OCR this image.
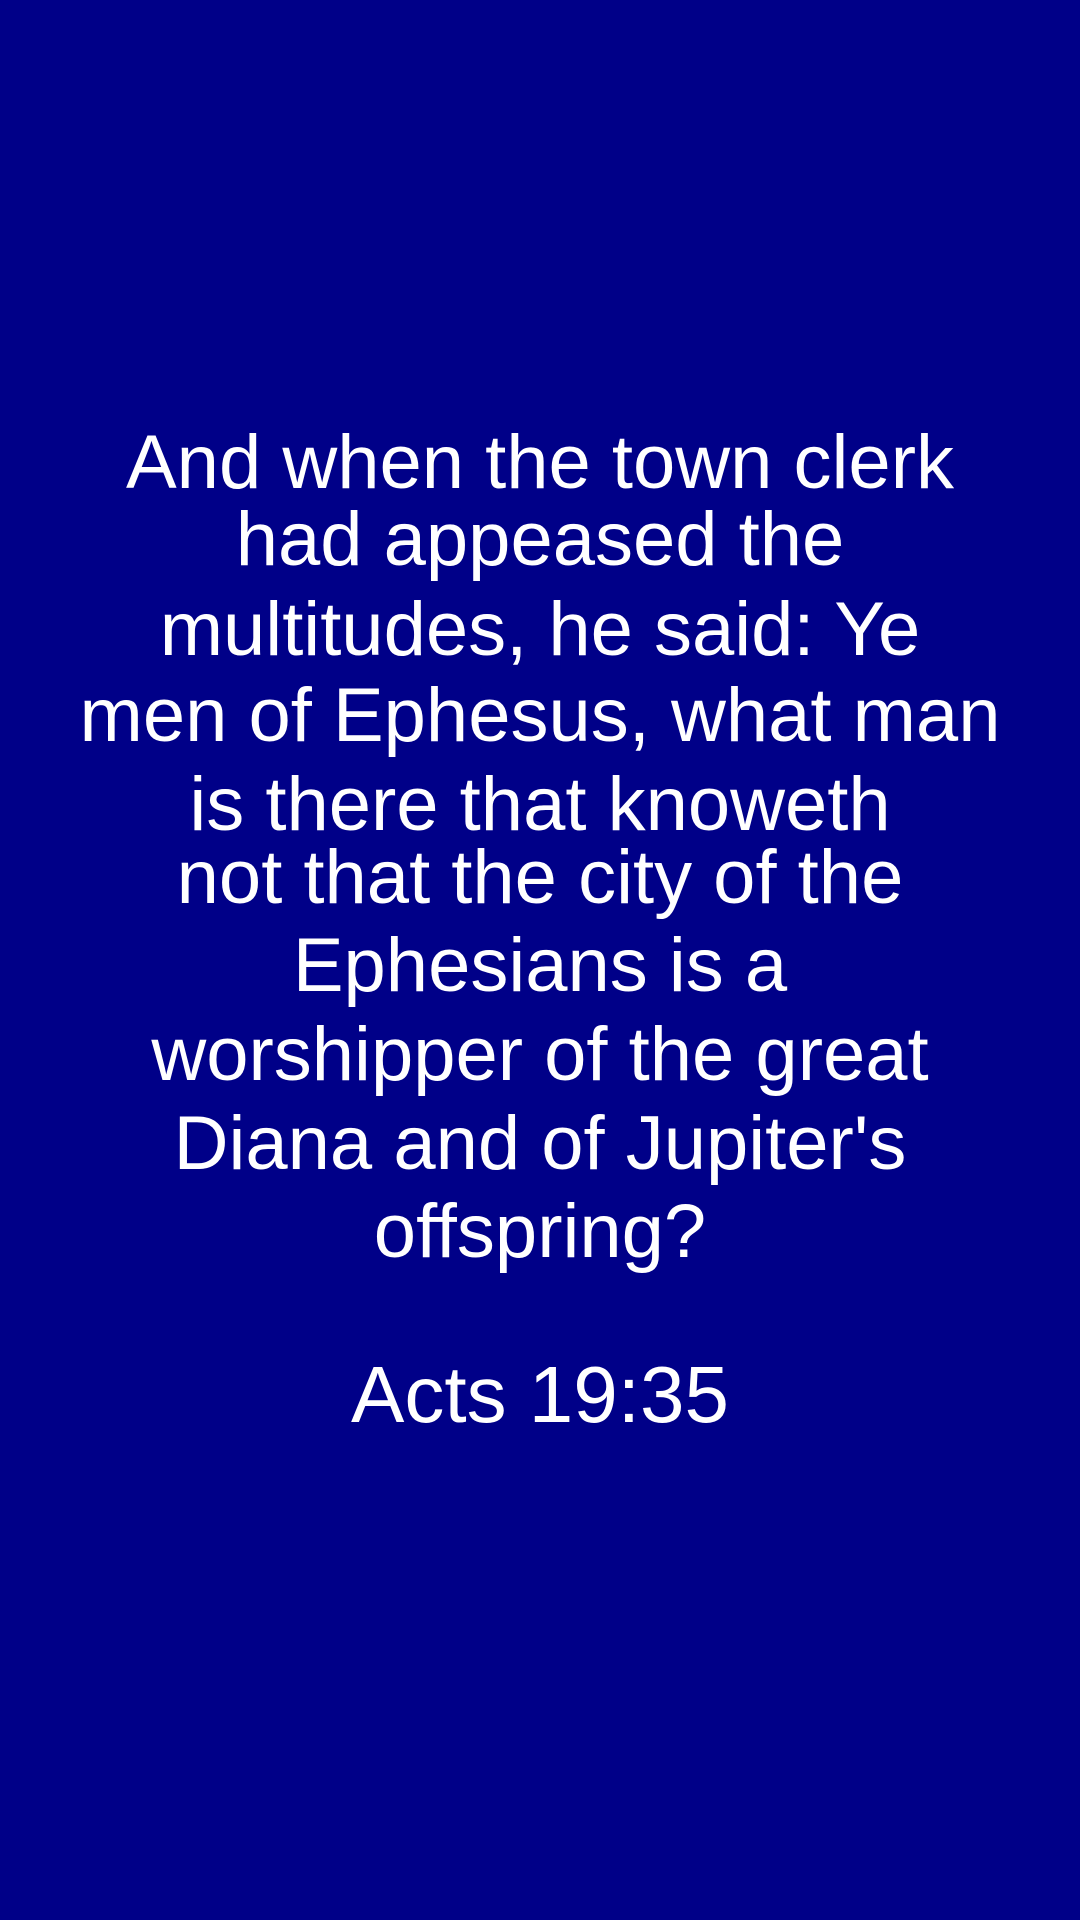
And when the town clerk
had appeased the
multitudes, he said: Ye
men of Ephesus, what man
is there that knoweth
not that the city of the
Ephesians is a
worshipper of the great
Diana and of Jupiter's
offspring?
Acts 19:35
